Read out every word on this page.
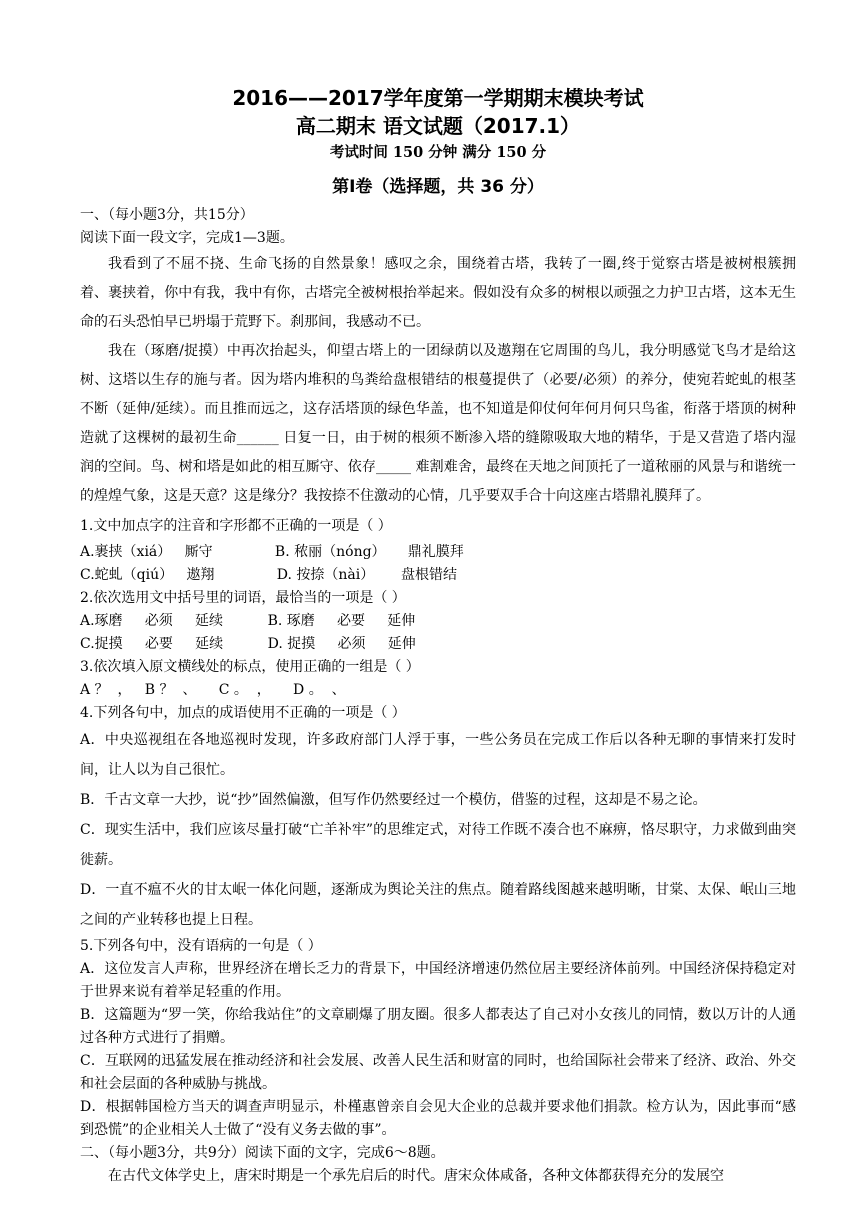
2016——2017学年度第一学期期末模块考试
高二期末 语文试题（2017.1）
考试时间 150 分钟 满分 150 分
第Ⅰ卷（选择题，共 36 分）
一、（每小题3分，共15分）
阅读下面一段文字，完成1—3题。
我看到了不屈不挠、生命飞扬的自然景象！感叹之余，围绕着古塔，我转了一圈,终于觉察古塔是被树根簇拥着、裹挟着，你中有我，我中有你，古塔完全被树根抬举起来。假如没有众多的树根以顽强之力护卫古塔，这本无生命的石头恐怕早已坍塌于荒野下。刹那间，我感动不已。
我在（琢磨/捉摸）中再次抬起头，仰望古塔上的一团绿荫以及遨翔在它周围的鸟儿，我分明感觉飞鸟才是给这树、这塔以生存的施与者。因为塔内堆积的鸟粪给盘根错结的根蔓提供了（必要/必须）的养分，使宛若蛇虬的根茎不断（延伸/延续）。而且推而远之，这存活塔顶的绿色华盖，也不知道是仰仗何年何月何只鸟雀，衔落于塔顶的树种造就了这棵树的最初生命______ 日复一日，由于树的根须不断渗入塔的缝隙吸取大地的精华，于是又营造了塔内湿润的空间。鸟、树和塔是如此的相互厮守、依存_____ 难割难舍，最终在天地之间顶托了一道秾丽的风景与和谐统一的煌煌气象，这是天意？这是缘分？我按捺不住激动的心情，几乎要双手合十向这座古塔鼎礼膜拜了。
1.文中加点字的注音和字形都不正确的一项是（ ）
A.裹挟（xiá）   厮守              B. 秾丽（nóng）     鼎礼膜拜
C.蛇虬（qiú）   遨翔              D. 按捺（nài）      盘根错结
2.依次选用文中括号里的词语，最恰当的一项是（ ）
A.琢磨     必须     延续          B. 琢磨     必要     延伸
C.捉摸     必要     延续          D. 捉摸     必须     延伸
3.依次填入原文横线处的标点，使用正确的一组是（ ）
A ？  ，   B ？  、     C 。  ，     D 。  、
4.下列各句中，加点的成语使用不正确的一项是（ ）
A．中央巡视组在各地巡视时发现，许多政府部门人浮于事，一些公务员在完成工作后以各种无聊的事情来打发时间，让人以为自己很忙。
B．千古文章一大抄，说“抄”固然偏激，但写作仍然要经过一个模仿，借鉴的过程，这却是不易之论。
C．现实生活中，我们应该尽量打破“亡羊补牢”的思维定式，对待工作既不凑合也不麻痹，恪尽职守，力求做到曲突徙薪。
D．一直不瘟不火的甘太岷一体化问题，逐渐成为舆论关注的焦点。随着路线图越来越明晰，甘棠、太保、岷山三地之间的产业转移也提上日程。
5.下列各句中，没有语病的一句是（ ）
A．这位发言人声称，世界经济在增长乏力的背景下，中国经济增速仍然位居主要经济体前列。中国经济保持稳定对于世界来说有着举足轻重的作用。
B．这篇题为“罗一笑，你给我站住”的文章刷爆了朋友圈。很多人都表达了自己对小女孩儿的同情，数以万计的人通过各种方式进行了捐赠。
C．互联网的迅猛发展在推动经济和社会发展、改善人民生活和财富的同时，也给国际社会带来了经济、政治、外交和社会层面的各种威胁与挑战。
D．根据韩国检方当天的调查声明显示，朴槿惠曾亲自会见大企业的总裁并要求他们捐款。检方认为，因此事而“感到恐慌”的企业相关人士做了“没有义务去做的事”。
二、（每小题3分，共9分）阅读下面的文字，完成6～8题。
在古代文体学史上，唐宋时期是一个承先启后的时代。唐宋众体咸备，各种文体都获得充分的发展空
